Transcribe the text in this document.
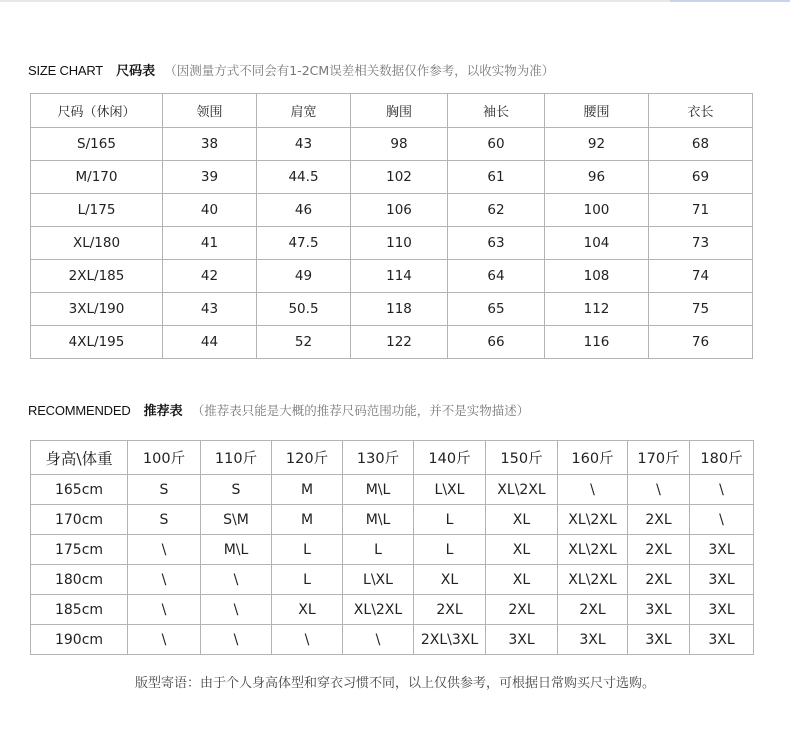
SIZE CHART 尺码表 （因测量方式不同会有1-2CM误差相关数据仅作参考，以收实物为准）
尺码（休闲）	领围	肩宽	胸围	袖长	腰围	衣长
S/165	38	43	98	60	92	68
M/170	39	44.5	102	61	96	69
L/175	40	46	106	62	100	71
XL/180	41	47.5	110	63	104	73
2XL/185	42	49	114	64	108	74
3XL/190	43	50.5	118	65	112	75
4XL/195	44	52	122	66	116	76
RECOMMENDED 推荐表 （推荐表只能是大概的推荐尺码范围功能，并不是实物描述）
身高\体重	100斤	110斤	120斤	130斤	140斤	150斤	160斤	170斤	180斤
165cm	S	S	M	M\L	L\XL	XL\2XL	\	\	\
170cm	S	S\M	M	M\L	L	XL	XL\2XL	2XL	\
175cm	\	M\L	L	L	L	XL	XL\2XL	2XL	3XL
180cm	\	\	L	L\XL	XL	XL	XL\2XL	2XL	3XL
185cm	\	\	XL	XL\2XL	2XL	2XL	2XL	3XL	3XL
190cm	\	\	\	\	2XL\3XL	3XL	3XL	3XL	3XL
版型寄语：由于个人身高体型和穿衣习惯不同，以上仅供参考，可根据日常购买尺寸选购。
